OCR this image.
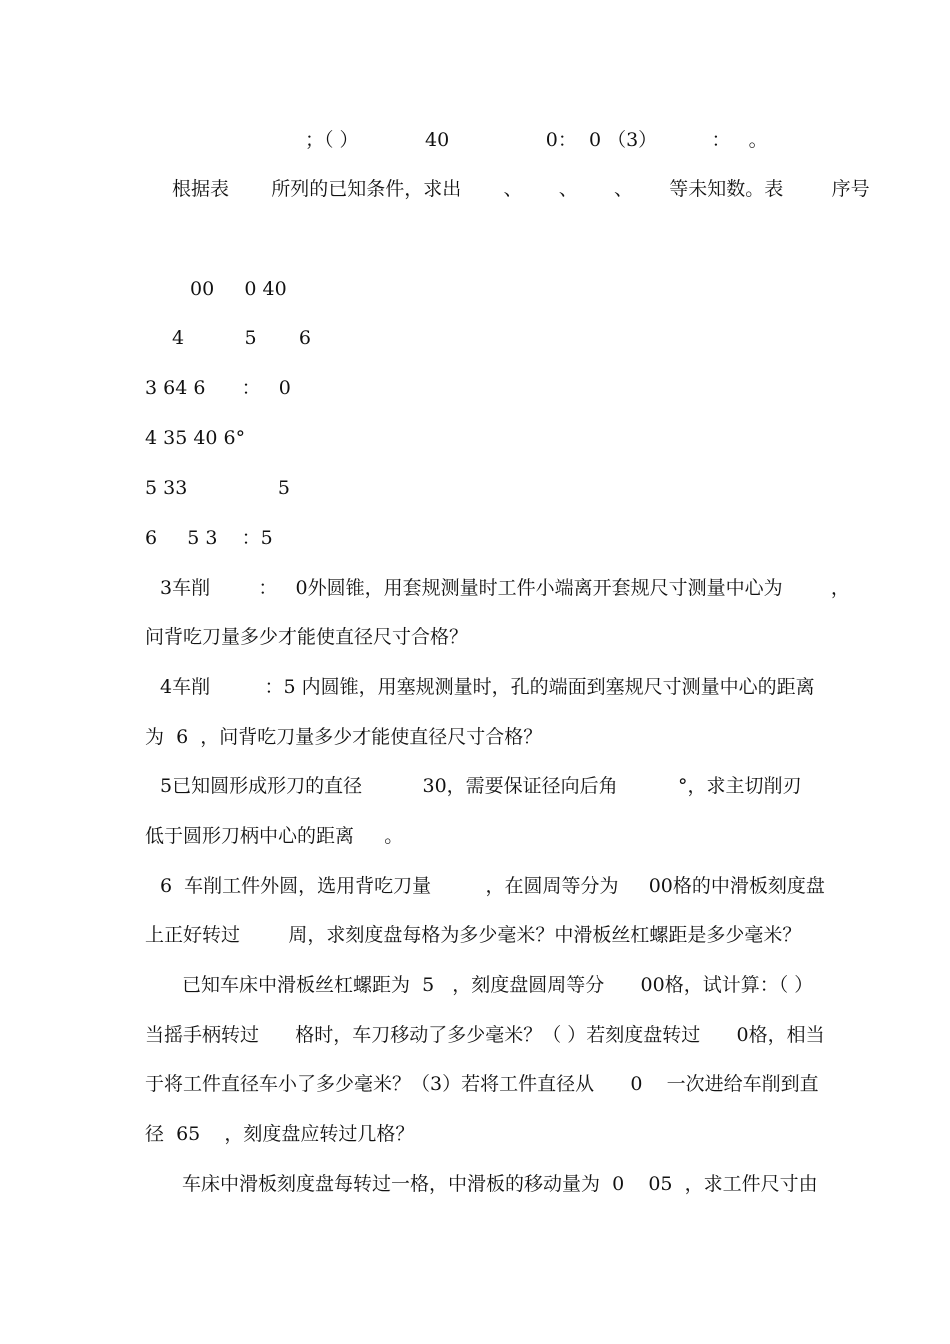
；（ ）           40                0：  0 （3）         ：   。
根据表       所列的已知条件，求出       、      、      、      等未知数。表        序号
00     0 40
4          5       6
3 64 6      ：   0
4 35 40 6°
5 33               5
6     5 3    ：5
3车削        ：   0外圆锥，用套规测量时工件小端离开套规尺寸测量中心为        ，
问背吃刀量多少才能使直径尺寸合格？
4车削         ：5 内圆锥，用塞规测量时，孔的端面到塞规尺寸测量中心的距离
为  6  ，问背吃刀量多少才能使直径尺寸合格？
5已知圆形成形刀的直径          30，需要保证径向后角          °，求主切削刃
低于圆形刀柄中心的距离     。
6  车削工件外圆，选用背吃刀量         ，在圆周等分为     00格的中滑板刻度盘
上正好转过        周，求刻度盘每格为多少毫米？中滑板丝杠螺距是多少毫米？
已知车床中滑板丝杠螺距为  5   ，刻度盘圆周等分      00格，试计算：（ ）
当摇手柄转过      格时，车刀移动了多少毫米？（ ）若刻度盘转过      0格，相当
于将工件直径车小了多少毫米？（3）若将工件直径从      0    一次进给车削到直
径  65    ，刻度盘应转过几格？
车床中滑板刻度盘每转过一格，中滑板的移动量为  0    05  ，求工件尺寸由
